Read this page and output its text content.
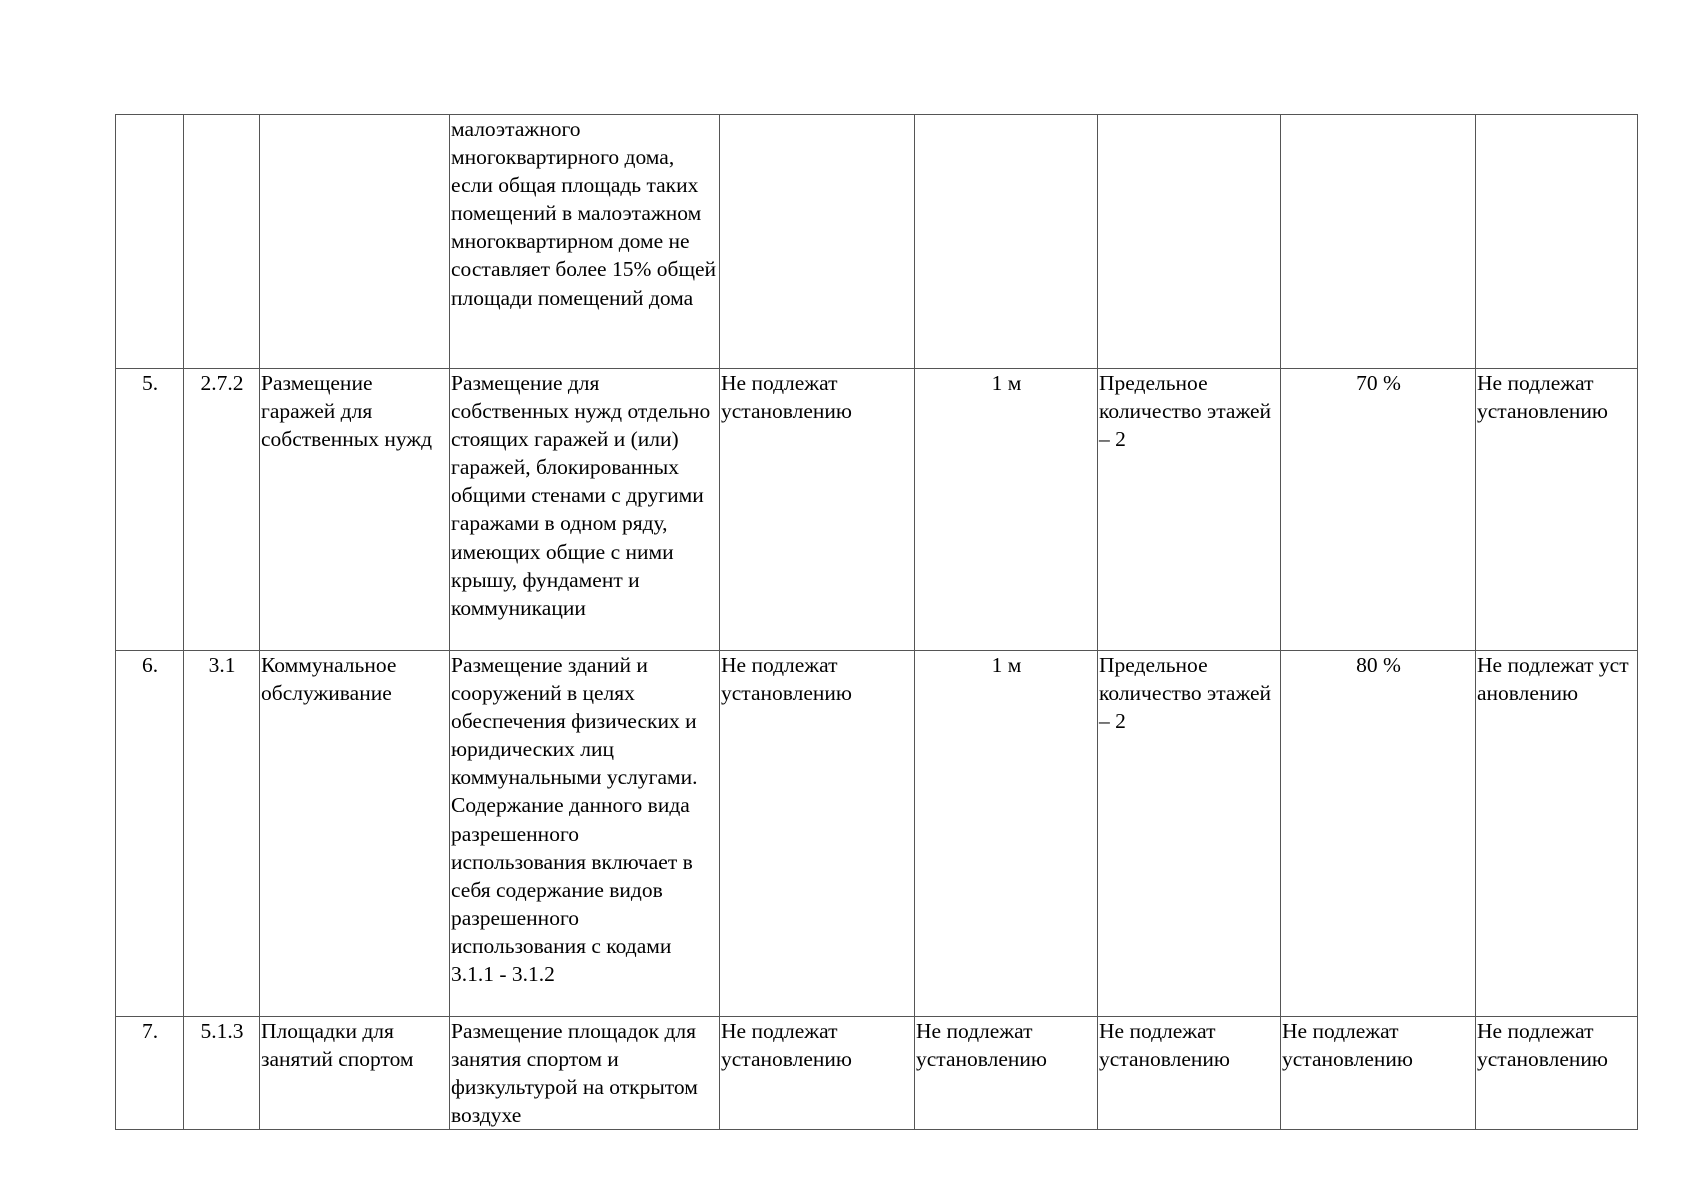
			малоэтажного многоквартирного дома, если общая площадь таких помещений в малоэтажном многоквартирном доме не составляет более 15% общей площади помещений дома					
5.	2.7.2	Размещение гаражей для собственных нужд	Размещение для собственных нужд отдельно стоящих гаражей и (или) гаражей, блокированных общими стенами с другими гаражами в одном ряду, имеющих общие с ними крышу, фундамент и коммуникации	Не подлежат установлению	1 м	Предельное количество этажей – 2	70 %	Не подлежат установлению
6.	3.1	Коммунальное обслуживание	Размещение зданий и сооружений в целях обеспечения физических и юридических лиц коммунальными услугами. Содержание данного вида разрешенного использования включает в себя содержание видов разрешенного использования с кодами 3.1.1 - 3.1.2	Не подлежат установлению	1 м	Предельное количество этажей – 2	80 %	Не подлежат установлению
7.	5.1.3	Площадки для занятий спортом	Размещение площадок для занятия спортом и физкультурой на открытом воздухе	Не подлежат установлению	Не подлежат установлению	Не подлежат установлению	Не подлежат установлению	Не подлежат установлению
